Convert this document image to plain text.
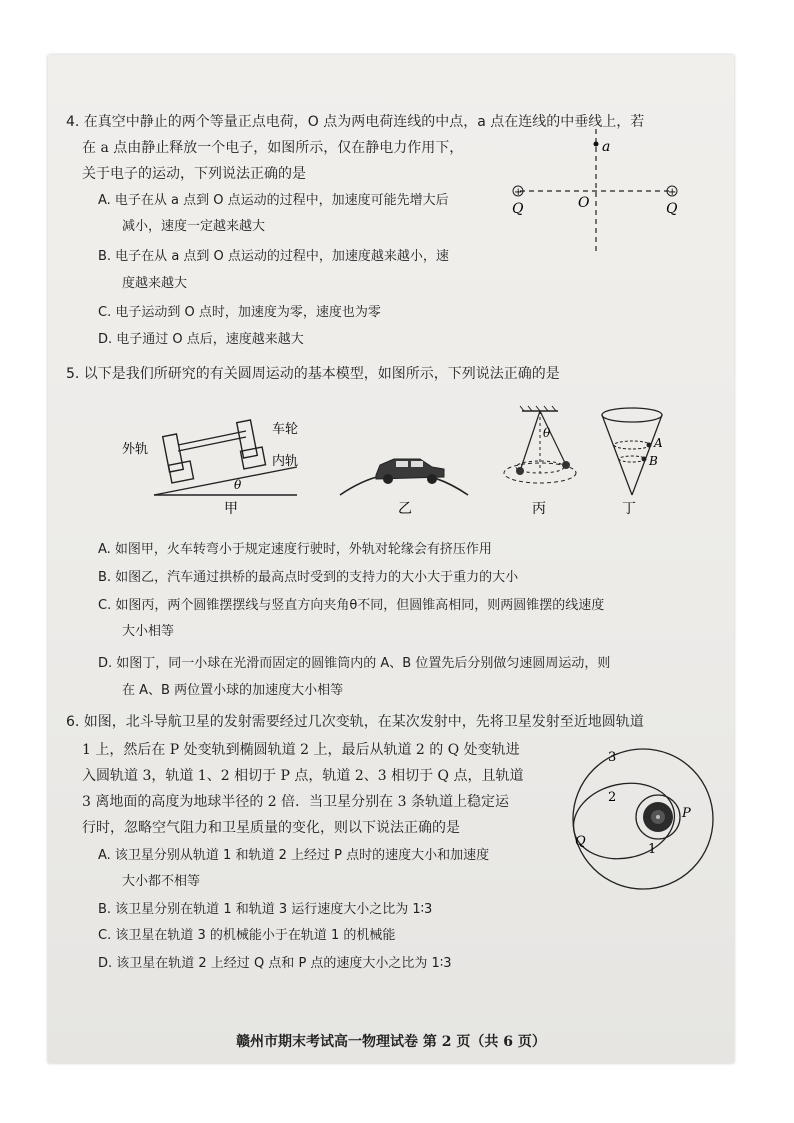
4. 在真空中静止的两个等量正点电荷，O 点为两电荷连线的中点，a 点在连线的中垂线上，若
在 a 点由静止释放一个电子，如图所示，仅在静电力作用下，
关于电子的运动，下列说法正确的是
A. 电子在从 a 点到 O 点运动的过程中，加速度可能先增大后
减小，速度一定越来越大
B. 电子在从 a 点到 O 点运动的过程中，加速度越来越小，速
度越来越大
C. 电子运动到 O 点时，加速度为零，速度也为零
D. 电子通过 O 点后，速度越来越大
a
O
+
Q
+
Q
5. 以下是我们所研究的有关圆周运动的基本模型，如图所示，下列说法正确的是
外轨
车轮
内轨
θ
甲	乙
θ
丙
A
B
丁
A. 如图甲，火车转弯小于规定速度行驶时，外轨对轮缘会有挤压作用
B. 如图乙，汽车通过拱桥的最高点时受到的支持力的大小大于重力的大小
C. 如图丙，两个圆锥摆摆线与竖直方向夹角θ不同，但圆锥高相同，则两圆锥摆的线速度
大小相等
D. 如图丁，同一小球在光滑而固定的圆锥筒内的 A、B 位置先后分别做匀速圆周运动，则
在 A、B 两位置小球的加速度大小相等
6. 如图，北斗导航卫星的发射需要经过几次变轨，在某次发射中，先将卫星发射至近地圆轨道
1 上，然后在 P 处变轨到椭圆轨道 2 上，最后从轨道 2 的 Q 处变轨进
入圆轨道 3，轨道 1、2 相切于 P 点，轨道 2、3 相切于 Q 点，且轨道
3 离地面的高度为地球半径的 2 倍．当卫星分别在 3 条轨道上稳定运
行时，忽略空气阻力和卫星质量的变化，则以下说法正确的是
A. 该卫星分别从轨道 1 和轨道 2 上经过 P 点时的速度大小和加速度
大小都不相等
B. 该卫星分别在轨道 1 和轨道 3 运行速度大小之比为 1∶3
C. 该卫星在轨道 3 的机械能小于在轨道 1 的机械能
D. 该卫星在轨道 2 上经过 Q 点和 P 点的速度大小之比为 1∶3
3
2
1
P
Q
赣州市期末考试高一物理试卷 第 2 页（共 6 页）
